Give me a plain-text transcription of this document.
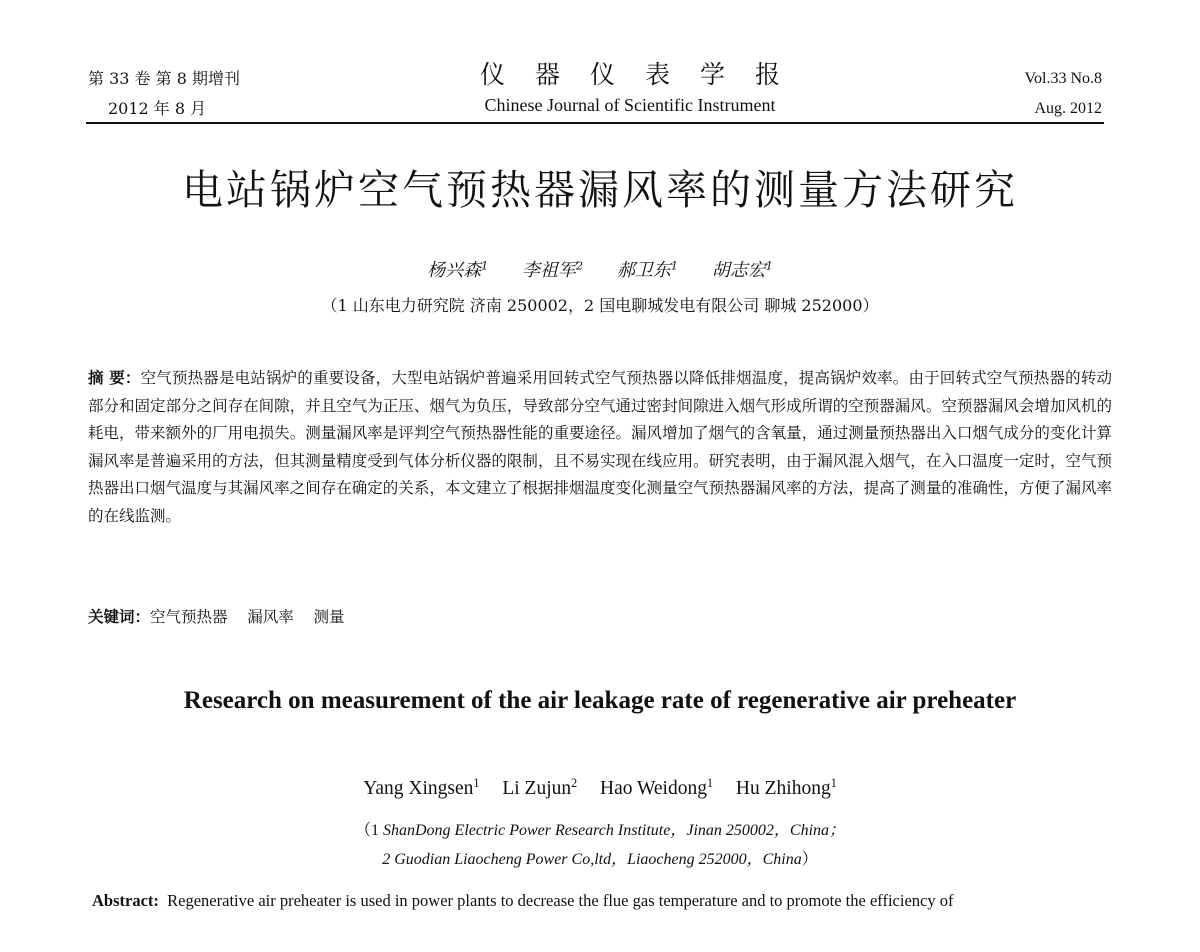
第 33 卷 第 8 期增刊
2012 年 8 月
仪器仪表学报
Chinese Journal of Scientific Instrument
Vol.33 No.8
Aug. 2012
电站锅炉空气预热器漏风率的测量方法研究
杨兴森$^1$ 李祖军$^2$ 郝卫东$^1$ 胡志宏$^1$
（1 山东电力研究院 济南 250002，2 国电聊城发电有限公司 聊城 252000）

摘 要：空气预热器是电站锅炉的重要设备，大型电站锅炉普遍采用回转式空气预热器以降低排烟温度，提高锅炉效率。由于回转式空气预热器的转动部分和固定部分之间存在间隙，并且空气为正压、烟气为负压，导致部分空气通过密封间隙进入烟气形成所谓的空预器漏风。空预器漏风会增加风机的耗电，带来额外的厂用电损失。测量漏风率是评判空气预热器性能的重要途径。漏风增加了烟气的含氧量，通过测量预热器出入口烟气成分的变化计算漏风率是普遍采用的方法，但其测量精度受到气体分析仪器的限制，且不易实现在线应用。研究表明，由于漏风混入烟气，在入口温度一定时，空气预热器出口烟气温度与其漏风率之间存在确定的关系，本文建立了根据排烟温度变化测量空气预热器漏风率的方法，提高了测量的准确性，方便了漏风率的在线监测。

关键词：空气预热器 漏风率 测量
Research on measurement of the air leakage rate of regenerative air preheater
Yang Xingsen$^1$ Li Zujun$^2$ Hao Weidong$^1$ Hu Zhihong$^1$
（1 ShanDong Electric Power Research Institute，Jinan 250002，China；
2 Guodian Liaocheng Power Co,ltd，Liaocheng 252000，China）

Abstract: Regenerative air preheater is used in power plants to decrease the flue gas temperature and to promote the efficiency of
